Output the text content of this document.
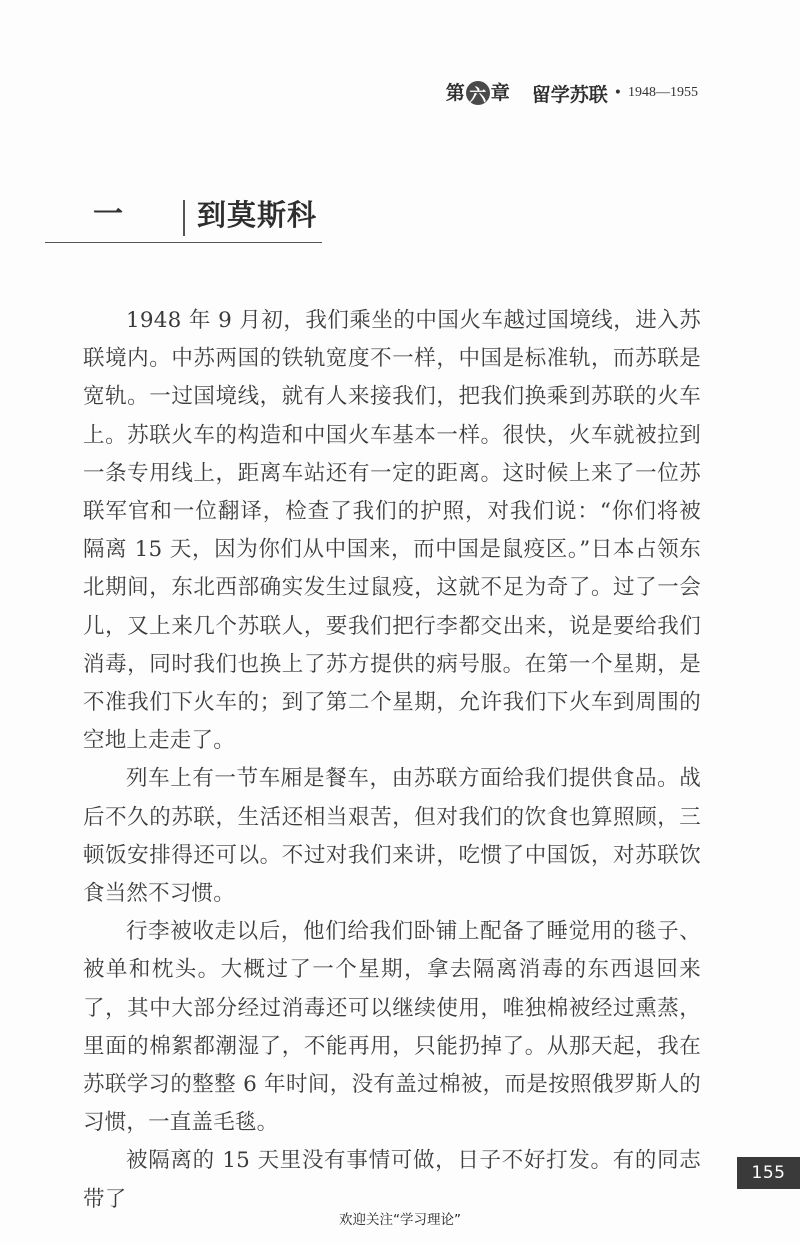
第 六 章 留学苏联 • 1948—1955
一	到莫斯科

1948 年 9 月初，我们乘坐的中国火车越过国境线，进入苏联境内。中苏两国的铁轨宽度不一样，中国是标准轨，而苏联是宽轨。一过国境线，就有人来接我们，把我们换乘到苏联的火车上。苏联火车的构造和中国火车基本一样。很快，火车就被拉到一条专用线上，距离车站还有一定的距离。这时候上来了一位苏联军官和一位翻译，检查了我们的护照，对我们说：“你们将被隔离 15 天，因为你们从中国来，而中国是鼠疫区。”日本占领东北期间，东北西部确实发生过鼠疫，这就不足为奇了。过了一会儿，又上来几个苏联人，要我们把行李都交出来，说是要给我们消毒，同时我们也换上了苏方提供的病号服。在第一个星期，是不准我们下火车的；到了第二个星期，允许我们下火车到周围的空地上走走了。

列车上有一节车厢是餐车，由苏联方面给我们提供食品。战后不久的苏联，生活还相当艰苦，但对我们的饮食也算照顾，三顿饭安排得还可以。不过对我们来讲，吃惯了中国饭，对苏联饮食当然不习惯。

行李被收走以后，他们给我们卧铺上配备了睡觉用的毯子、被单和枕头。大概过了一个星期，拿去隔离消毒的东西退回来了，其中大部分经过消毒还可以继续使用，唯独棉被经过熏蒸，里面的棉絮都潮湿了，不能再用，只能扔掉了。从那天起，我在苏联学习的整整 6 年时间，没有盖过棉被，而是按照俄罗斯人的习惯，一直盖毛毯。

被隔离的 15 天里没有事情可做，日子不好打发。有的同志带了

155
欢迎关注“学习理论”
